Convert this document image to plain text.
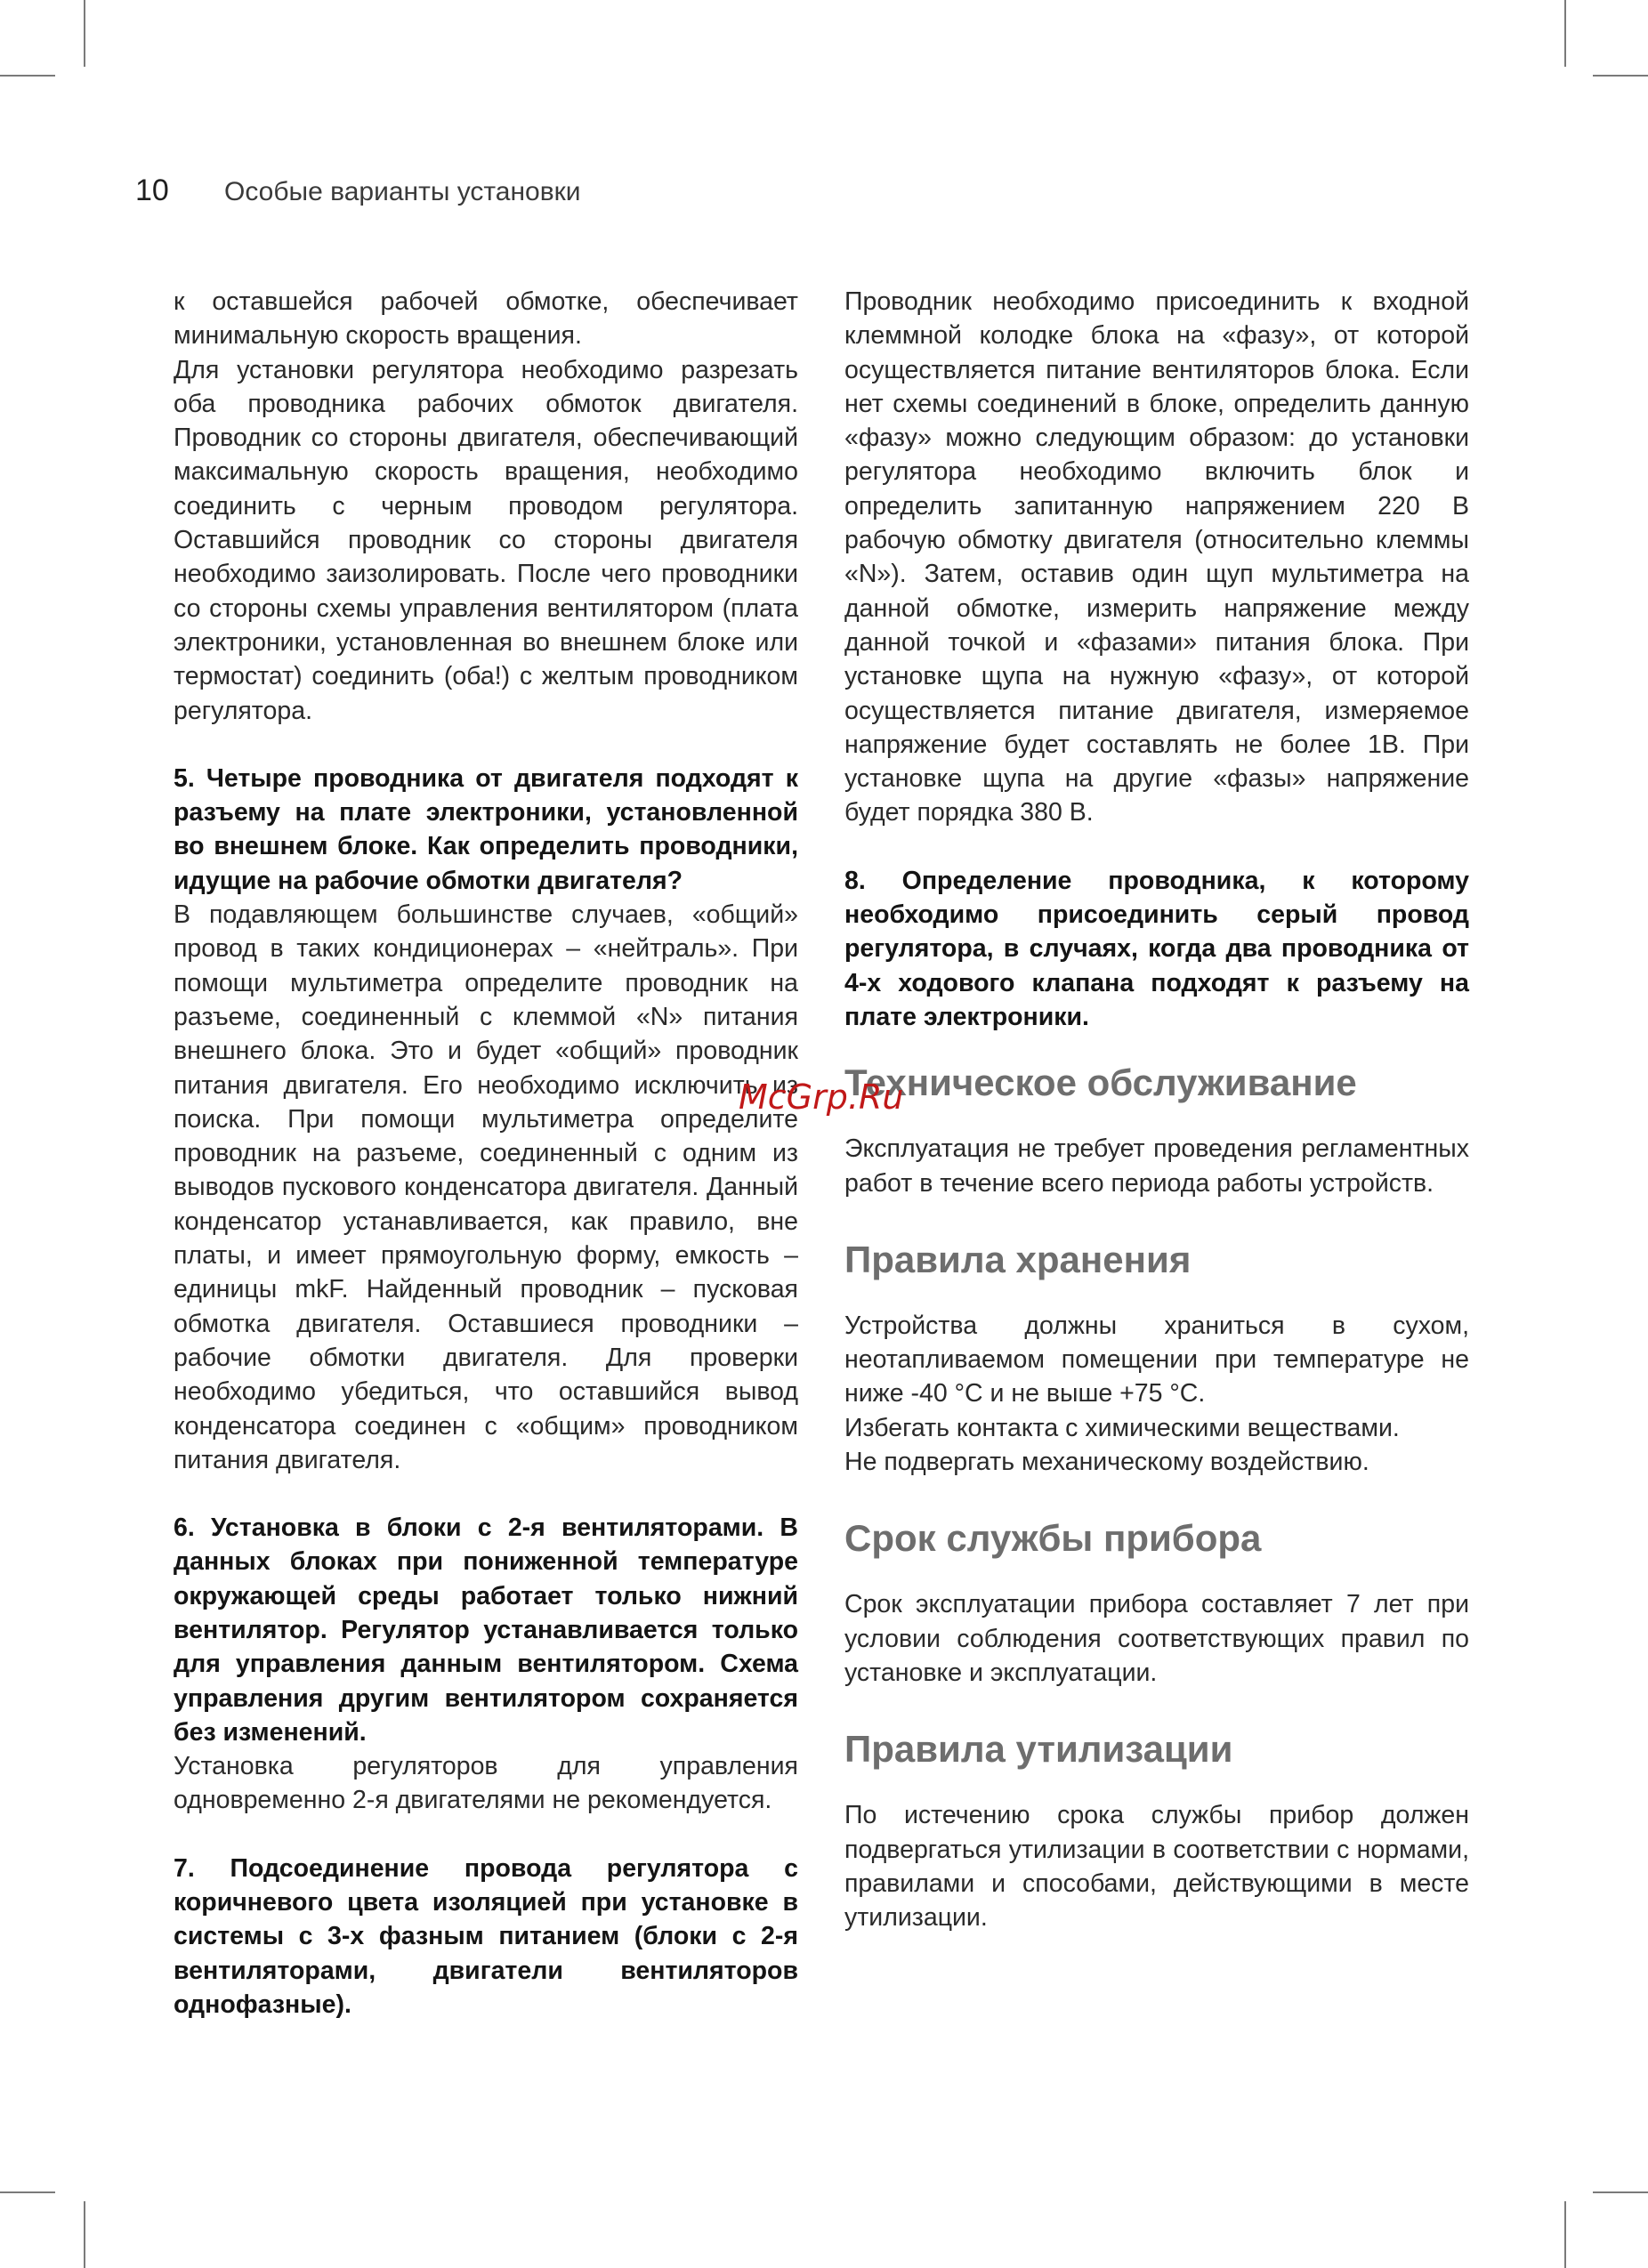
10 Особые варианты установки

к оставшейся рабочей обмотке, обеспечивает минимальную скорость вращения.

Для установки регулятора необходимо разрезать оба проводника рабочих обмоток двигателя. Проводник со стороны двигателя, обеспечивающий максимальную скорость вращения, необходимо соединить с черным проводом регулятора. Оставшийся проводник со стороны двигателя необходимо заизолировать. После чего проводники со стороны схемы управления вентилятором (плата электроники, установленная во внешнем блоке или термостат) соединить (оба!) с желтым проводником регулятора.

5. Четыре проводника от двигателя подходят к разъему на плате электроники, установленной во внешнем блоке. Как определить проводники, идущие на рабочие обмотки двигателя?

В подавляющем большинстве случаев, «общий» провод в таких кондиционерах – «нейтраль». При помощи мультиметра определите проводник на разъеме, соединенный с клеммой «N» питания внешнего блока. Это и будет «общий» проводник питания двигателя. Его необходимо исключить из поиска. При помощи мультиметра определите проводник на разъеме, соединенный с одним из выводов пускового конденсатора двигателя. Данный конденсатор устанавливается, как правило, вне платы, и имеет прямоугольную форму, емкость – единицы mkF. Найденный проводник – пусковая обмотка двигателя. Оставшиеся проводники – рабочие обмотки двигателя. Для проверки необходимо убедиться, что оставшийся вывод конденсатора соединен с «общим» проводником питания двигателя.

6. Установка в блоки с 2-я вентиляторами. В данных блоках при пониженной температуре окружающей среды работает только нижний вентилятор. Регулятор устанавливается только для управления данным вентилятором. Схема управления другим вентилятором сохраняется без изменений.

Установка регуляторов для управления одновременно 2-я двигателями не рекомендуется.

7. Подсоединение провода регулятора с коричневого цвета изоляцией при установке в системы с 3-х фазным питанием (блоки с 2-я вентиляторами, двигатели вентиляторов однофазные).

Проводник необходимо присоединить к входной клеммной колодке блока на «фазу», от которой осуществляется питание вентиляторов блока. Если нет схемы соединений в блоке, определить данную «фазу» можно следующим образом: до установки регулятора необходимо включить блок и определить запитанную напряжением 220 В рабочую обмотку двигателя (относительно клеммы «N»). Затем, оставив один щуп мультиметра на данной обмотке, измерить напряжение между данной точкой и «фазами» питания блока. При установке щупа на нужную «фазу», от которой осуществляется питание двигателя, измеряемое напряжение будет составлять не более 1В. При установке щупа на другие «фазы» напряжение будет порядка 380 В.

8. Определение проводника, к которому необходимо присоединить серый провод регулятора, в случаях, когда два проводника от 4-х ходового клапана подходят к разъему на плате электроники.
Техническое обслуживание

Эксплуатация не требует проведения регламентных работ в течение всего периода работы устройств.

Правила хранения

Устройства должны храниться в сухом, неотапливаемом помещении при температуре не ниже -40 °С и не выше +75 °С.

Избегать контакта с химическими веществами.

Не подвергать механическому воздействию.

Срок службы прибора

Срок эксплуатации прибора составляет 7 лет при условии соблюдения соответствующих правил по установке и эксплуатации.

Правила утилизации

По истечению срока службы прибор должен подвергаться утилизации в соответствии с нормами, правилами и способами, действующими в месте утилизации.

McGrp.Ru
